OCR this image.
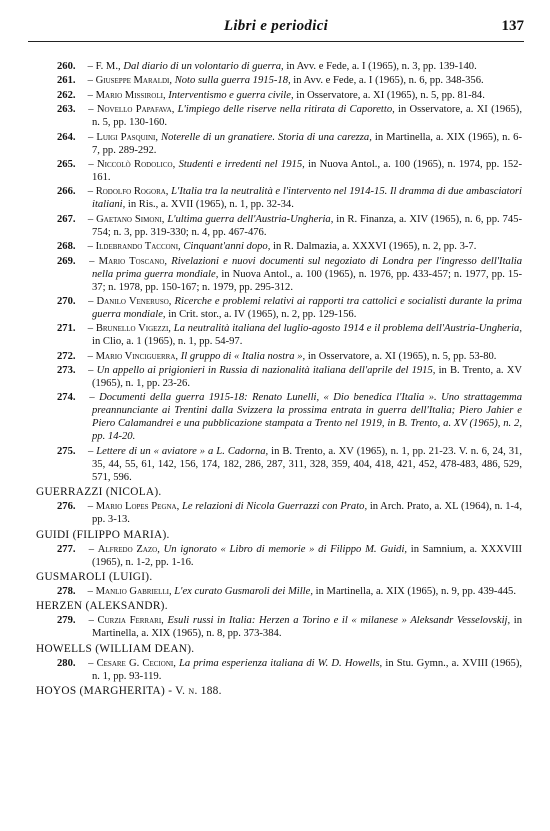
Libri e periodici	137
260. – F. M., Dal diario di un volontario di guerra, in Avv. e Fede, a. I (1965), n. 3, pp. 139-140.
261. – Giuseppe Maraldi, Noto sulla guerra 1915-18, in Avv. e Fede, a. I (1965), n. 6, pp. 348-356.
262. – Mario Missiroli, Interventismo e guerra civile, in Osservatore, a. XI (1965), n. 5, pp. 81-84.
263. – Novello Papafava, L'impiego delle riserve nella ritirata di Caporetto, in Osservatore, a. XI (1965), n. 5, pp. 130-160.
264. – Luigi Pasquini, Noterelle di un granatiere. Storia di una carezza, in Martinella, a. XIX (1965), n. 6-7, pp. 289-292.
265. – Niccolò Rodolico, Studenti e irredenti nel 1915, in Nuova Antol., a. 100 (1965), n. 1974, pp. 152-161.
266. – Rodolfo Rogora, L'Italia tra la neutralità e l'intervento nel 1914-15. Il dramma di due ambasciatori italiani, in Ris., a. XVII (1965), n. 1, pp. 32-34.
267. – Gaetano Simoni, L'ultima guerra dell'Austria-Ungheria, in R. Finanza, a. XIV (1965), n. 6, pp. 745-754; n. 3, pp. 319-330; n. 4, pp. 467-476.
268. – Ildebrando Tacconi, Cinquant'anni dopo, in R. Dalmazia, a. XXXVI (1965), n. 2, pp. 3-7.
269. – Mario Toscano, Rivelazioni e nuovi documenti sul negoziato di Londra per l'ingresso dell'Italia nella prima guerra mondiale, in Nuova Antol., a. 100 (1965), n. 1976, pp. 433-457; n. 1977, pp. 15-37; n. 1978, pp. 150-167; n. 1979, pp. 295-312.
270. – Danilo Veneruso, Ricerche e problemi relativi ai rapporti tra cattolici e socialisti durante la prima guerra mondiale, in Crit. stor., a. IV (1965), n. 2, pp. 129-156.
271. – Brunello Vigezzi, La neutralità italiana del luglio-agosto 1914 e il problema dell'Austria-Ungheria, in Clio, a. 1 (1965), n. 1, pp. 54-97.
272. – Mario Vinciguerra, Il gruppo di « Italia nostra », in Osservatore, a. XI (1965), n. 5, pp. 53-80.
273. – Un appello ai prigionieri in Russia di nazionalità italiana dell'aprile del 1915, in B. Trento, a. XV (1965), n. 1, pp. 23-26.
274. – Documenti della guerra 1915-18: Renato Lunelli, « Dio benedica l'Italia ». Uno strattagemma preannunciante ai Trentini dalla Svizzera la prossima entrata in guerra dell'Italia; Piero Jahier e Piero Calamandrei e una pubblicazione stampata a Trento nel 1919, in B. Trento, a. XV (1965), n. 2, pp. 14-20.
275. – Lettere di un « aviatore » a L. Cadorna, in B. Trento, a. XV (1965), n. 1, pp. 21-23. V. n. 6, 24, 31, 35, 44, 55, 61, 142, 156, 174, 182, 286, 287, 311, 328, 359, 404, 418, 421, 452, 478-483, 486, 529, 571, 596.
GUERRAZZI (NICOLA).
276. – Mario Lopes Pegna, Le relazioni di Nicola Guerrazzi con Prato, in Arch. Prato, a. XL (1964), n. 1-4, pp. 3-13.
GUIDI (FILIPPO MARIA).
277. – Alfredo Zazo, Un ignorato « Libro di memorie » di Filippo M. Guidi, in Samnium, a. XXXVIII (1965), n. 1-2, pp. 1-16.
GUSMAROLI (LUIGI).
278. – Manlio Gabrielli, L'ex curato Gusmaroli dei Mille, in Martinella, a. XIX (1965), n. 9, pp. 439-445.
HERZEN (ALEKSANDR).
279. – Curzia Ferrari, Esuli russi in Italia: Herzen a Torino e il « milanese » Aleksandr Vesselovskij, in Martinella, a. XIX (1965), n. 8, pp. 373-384.
HOWELLS (WILLIAM DEAN).
280. – Cesare G. Cecioni, La prima esperienza italiana di W. D. Howells, in Stu. Gymn., a. XVIII (1965), n. 1, pp. 93-119.
HOYOS (MARGHERITA) - V. n. 188.
